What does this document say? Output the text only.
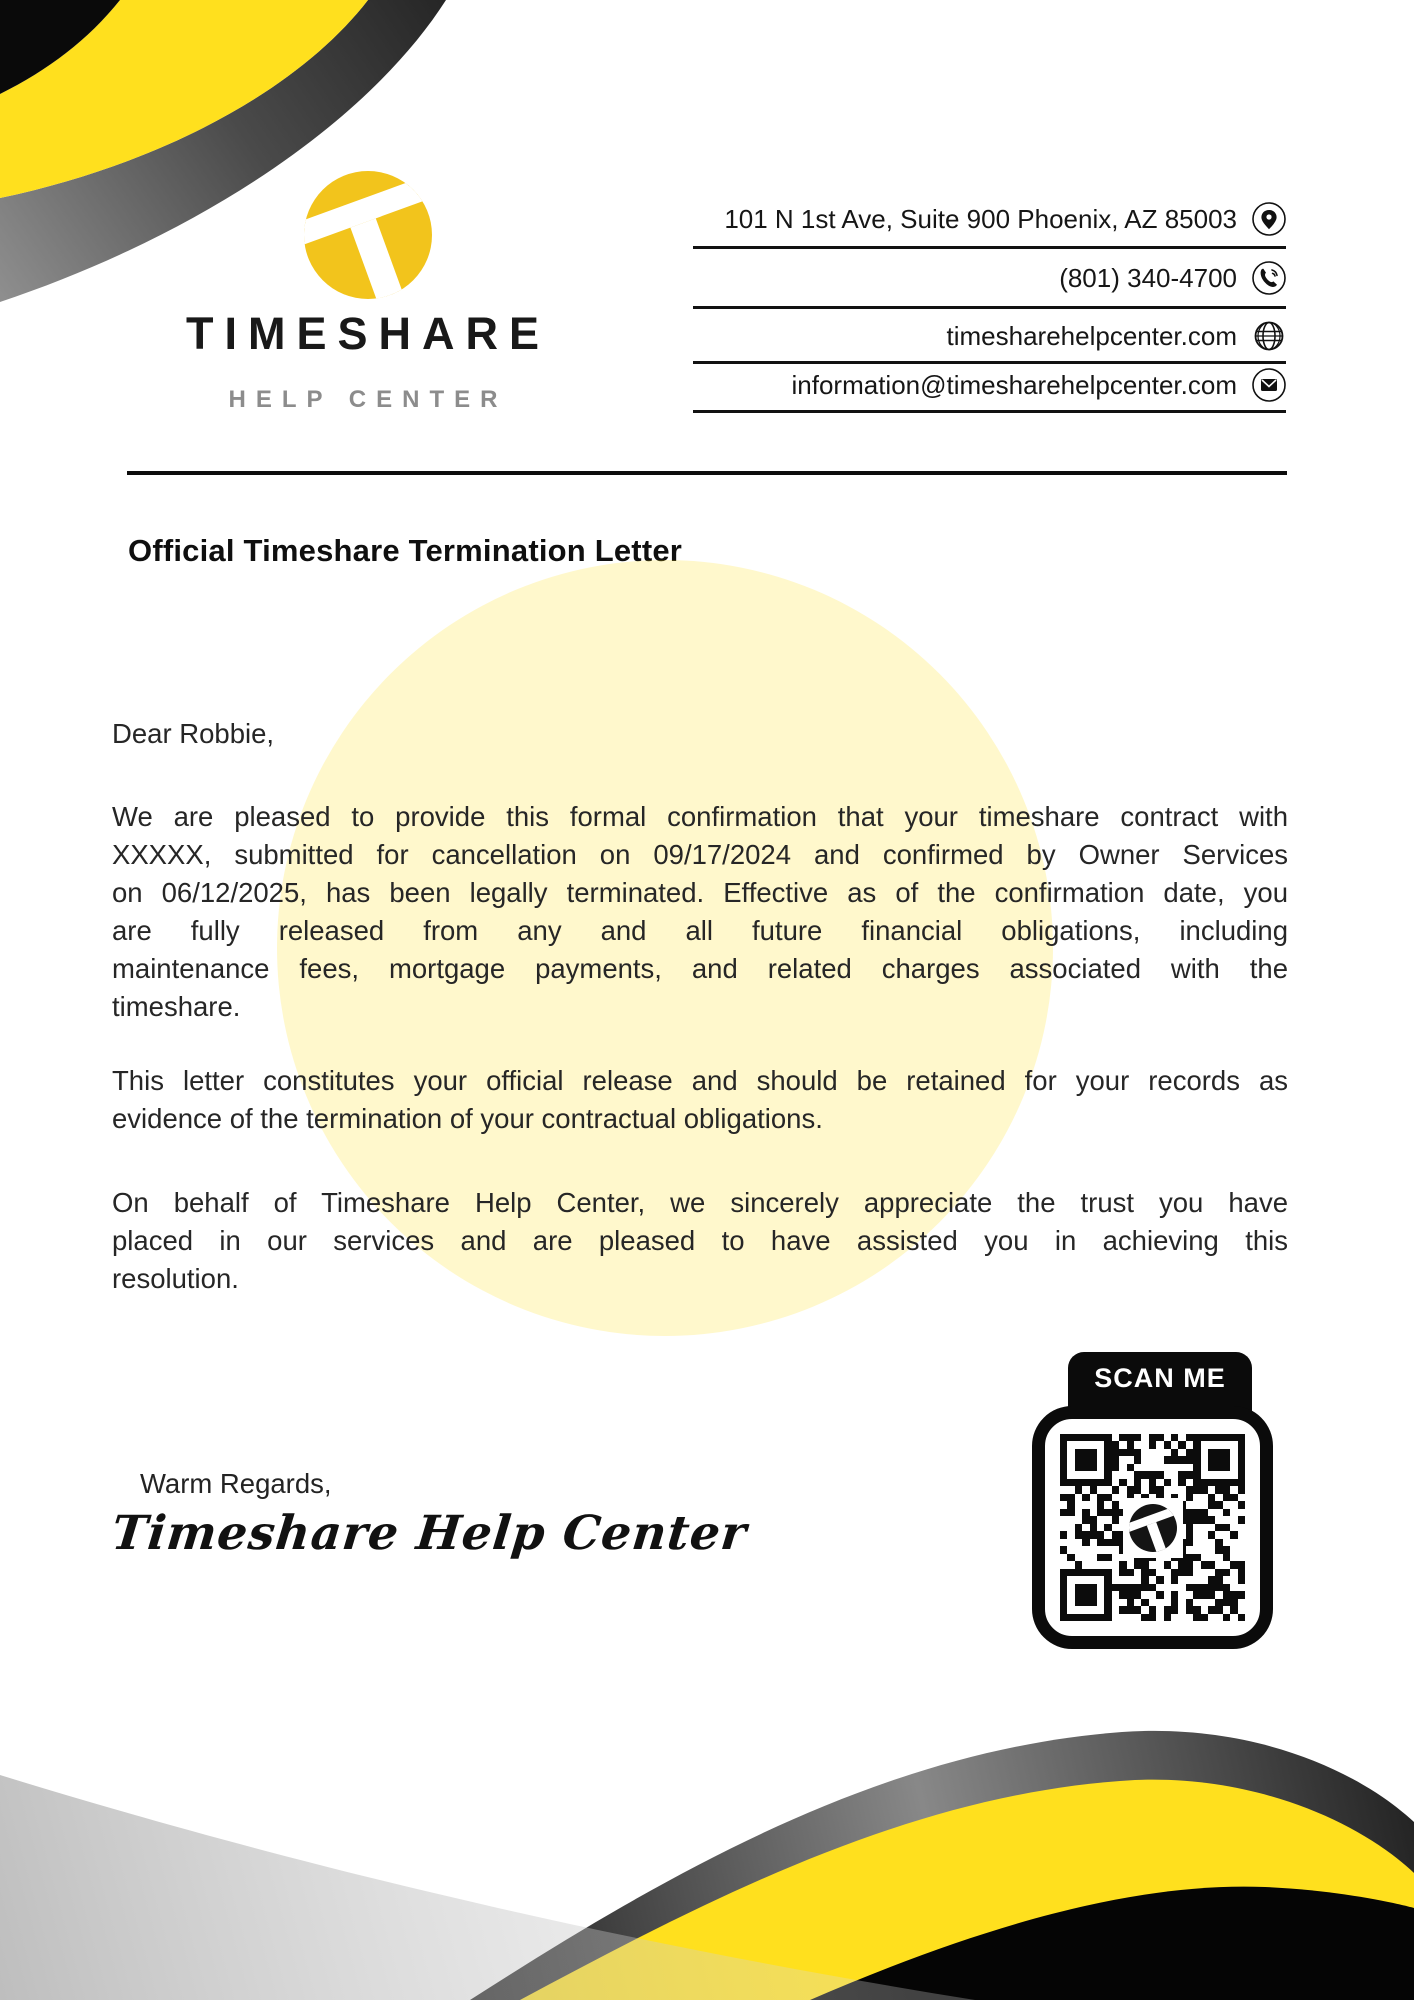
TIMESHARE
HELP CENTER
101 N 1st Ave, Suite 900 Phoenix, AZ 85003
(801) 340-4700
timesharehelpcenter.com
information@timesharehelpcenter.com
Official Timeshare Termination Letter
Dear Robbie,
We are pleased to provide this formal confirmation that your timeshare contract with
XXXXX, submitted for cancellation on 09/17/2024 and confirmed by Owner Services
on 06/12/2025, has been legally terminated. Effective as of the confirmation date, you
are fully released from any and all future financial obligations, including
maintenance fees, mortgage payments, and related charges associated with the
timeshare.
This letter constitutes your official release and should be retained for your records as
evidence of the termination of your contractual obligations.
On behalf of Timeshare Help Center, we sincerely appreciate the trust you have
placed in our services and are pleased to have assisted you in achieving this
resolution.
Warm Regards,
Timeshare Help Center
SCAN ME
